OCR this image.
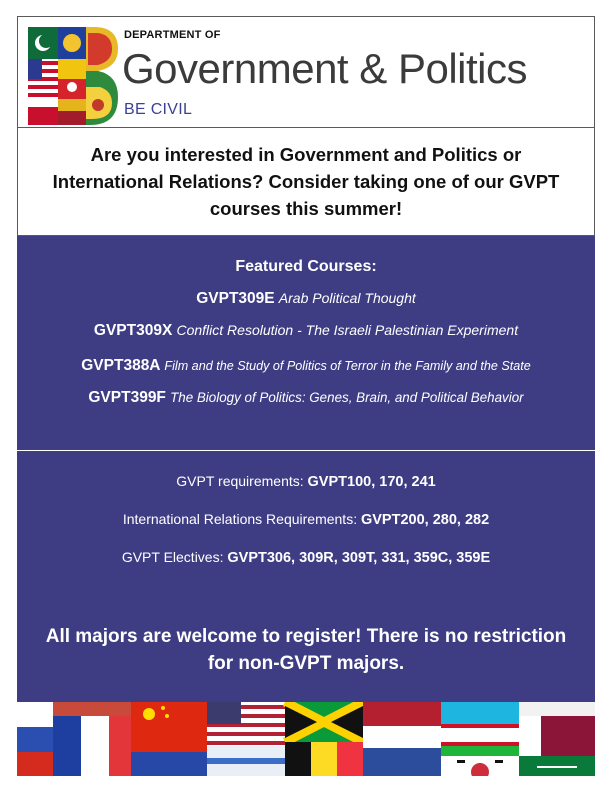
DEPARTMENT OF
Government & Politics
BE CIVIL

Are you interested in Government and Politics or International Relations? Consider taking one of our GVPT courses this summer!

Featured Courses:
GVPT309E Arab Political Thought
GVPT309X Conflict Resolution - The Israeli Palestinian Experiment
GVPT388A Film and the Study of Politics of Terror in the Family and the State
GVPT399F The Biology of Politics: Genes, Brain, and Political Behavior
GVPT requirements: GVPT100, 170, 241
International Relations Requirements: GVPT200, 280, 282
GVPT Electives: GVPT306, 309R, 309T, 331, 359C, 359E
All majors are welcome to register! There is no restriction for non-GVPT majors.
